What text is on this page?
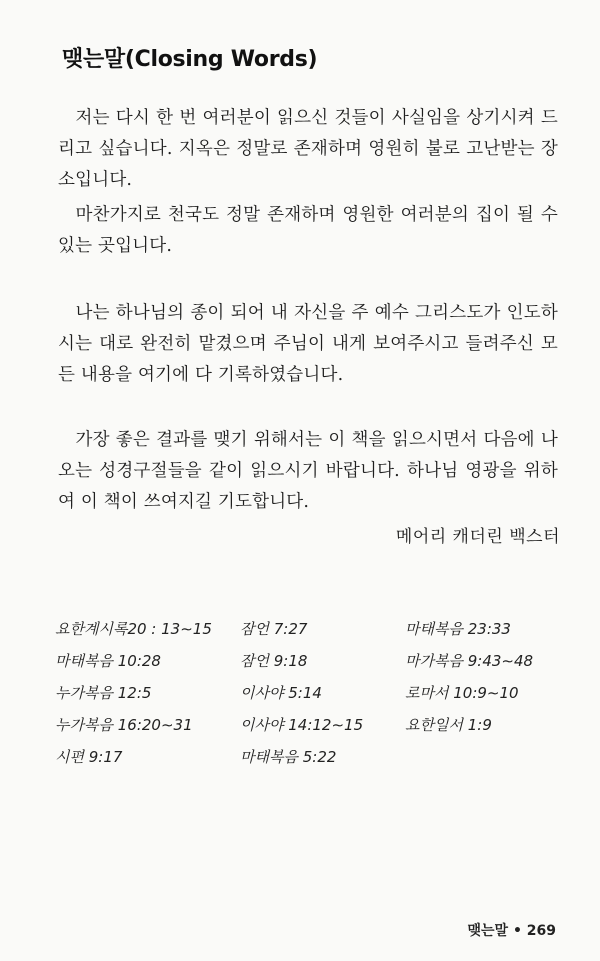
맺는말(Closing Words)

저는 다시 한 번 여러분이 읽으신 것들이 사실임을 상기시켜 드리고 싶습니다. 지옥은 정말로 존재하며 영원히 불로 고난받는 장소입니다.

마찬가지로 천국도 정말 존재하며 영원한 여러분의 집이 될 수 있는 곳입니다.

나는 하나님의 종이 되어 내 자신을 주 예수 그리스도가 인도하시는 대로 완전히 맡겼으며 주님이 내게 보여주시고 들려주신 모든 내용을 여기에 다 기록하였습니다.

가장 좋은 결과를 맺기 위해서는 이 책을 읽으시면서 다음에 나오는 성경구절들을 같이 읽으시기 바랍니다. 하나님 영광을 위하여 이 책이 쓰여지길 기도합니다.

메어리 캐더린 백스터
요한계시록20 : 13∼15	잠언 7:27	마태복음 23:33
마태복음 10:28	잠언 9:18	마가복음 9:43∼48
누가복음 12:5	이사야 5:14	로마서 10:9∼10
누가복음 16:20∼31	이사야 14:12∼15	요한일서 1:9
시편 9:17	마태복음 5:22
맺는말 • 269
